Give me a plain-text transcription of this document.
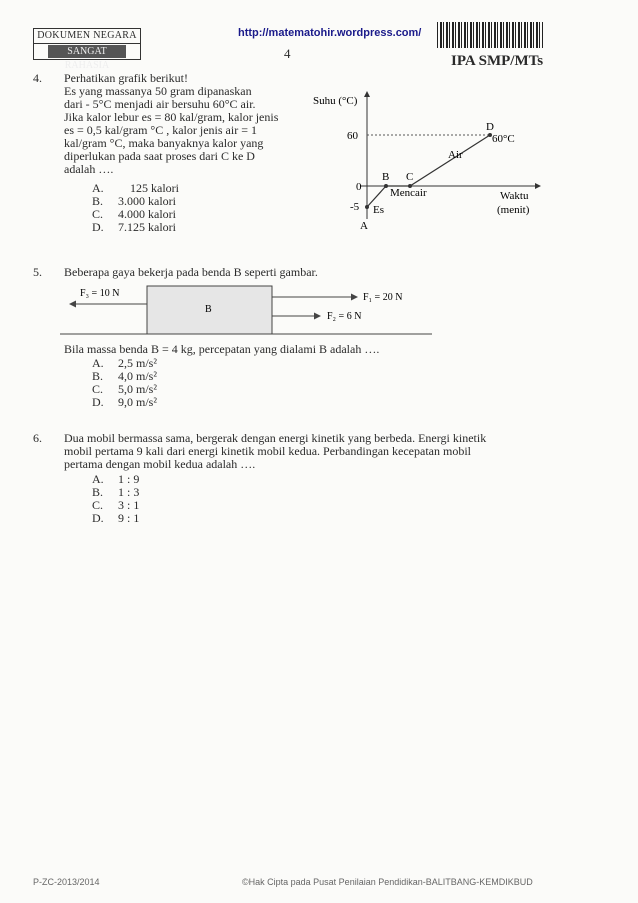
DOKUMEN NEGARA
SANGAT RAHASIA
http://matematohir.wordpress.com/
4	IPA SMP/MTs
4. Perhatikan grafik berikut!
Es yang massanya 50 gram dipanaskan
dari - 5°C menjadi air bersuhu 60°C air.
Jika kalor lebur es = 80 kal/gram, kalor jenis
es = 0,5 kal/gram °C , kalor jenis air = 1
kal/gram °C, maka banyaknya kalor yang
diperlukan pada saat proses dari C ke D
adalah ….
A. 125 kalori
B. 3.000 kalori
C. 4.000 kalori
D. 7.125 kalori
Suhu (°C)
60
0
-5
A
B C
D
Es
Mencair
Air
60°C
Waktu
(menit)
5. Beberapa gaya bekerja pada benda B seperti gambar.
B
F₃ = 10 N	F₁ = 20 N
F₂ = 6 N
Bila massa benda B = 4 kg, percepatan yang dialami B adalah ….
A. 2,5 m/s²
B. 4,0 m/s²
C. 5,0 m/s²
D. 9,0 m/s²
6. Dua mobil bermassa sama, bergerak dengan energi kinetik yang berbeda. Energi kinetik
mobil pertama 9 kali dari energi kinetik mobil kedua. Perbandingan kecepatan mobil
pertama dengan mobil kedua adalah ….
A. 1 : 9
B. 1 : 3
C. 3 : 1
D. 9 : 1
P-ZC-2013/2014	©Hak Cipta pada Pusat Penilaian Pendidikan-BALITBANG-KEMDIKBUD
